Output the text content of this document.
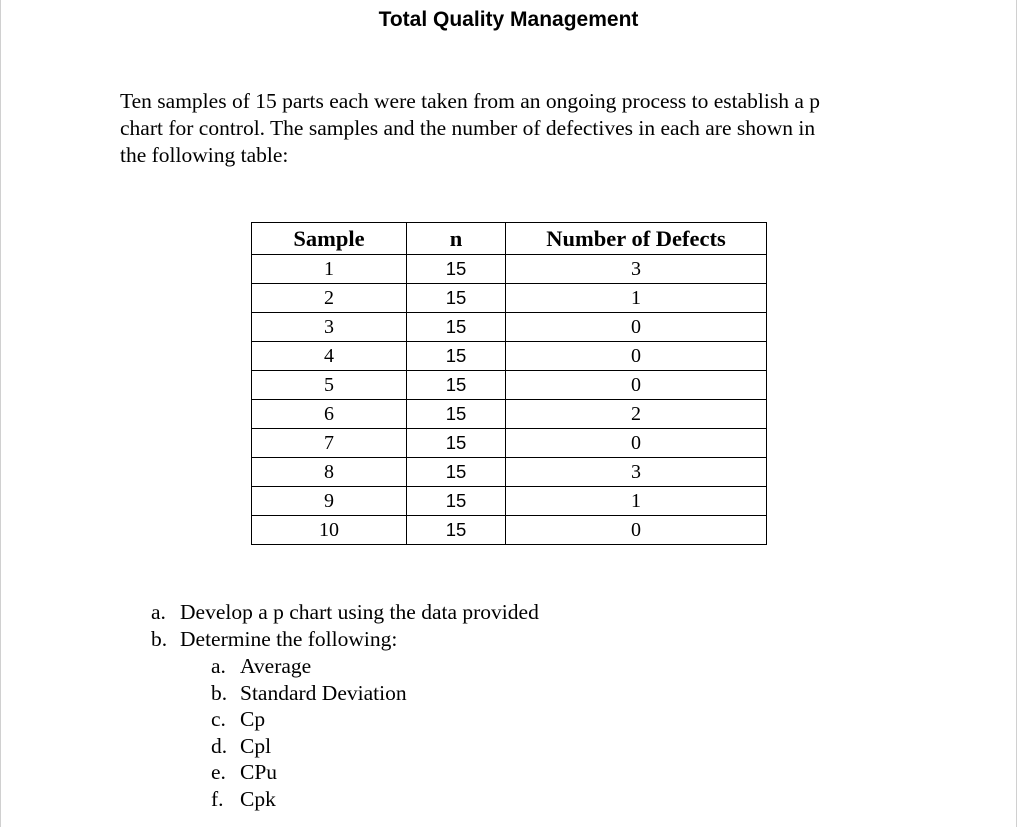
Total Quality Management

Ten samples of 15 parts each were taken from an ongoing process to establish a p
chart for control. The samples and the number of defectives in each are shown in
the following table:

Sample	n	Number of Defects
1	15	3
2	15	1
3	15	0
4	15	0
5	15	0
6	15	2
7	15	0
8	15	3
9	15	1
10	15	0
a. Develop a p chart using the data provided
b. Determine the following:
a. Average
b. Standard Deviation
c. Cp
d. Cpl
e. CPu
f. Cpk
